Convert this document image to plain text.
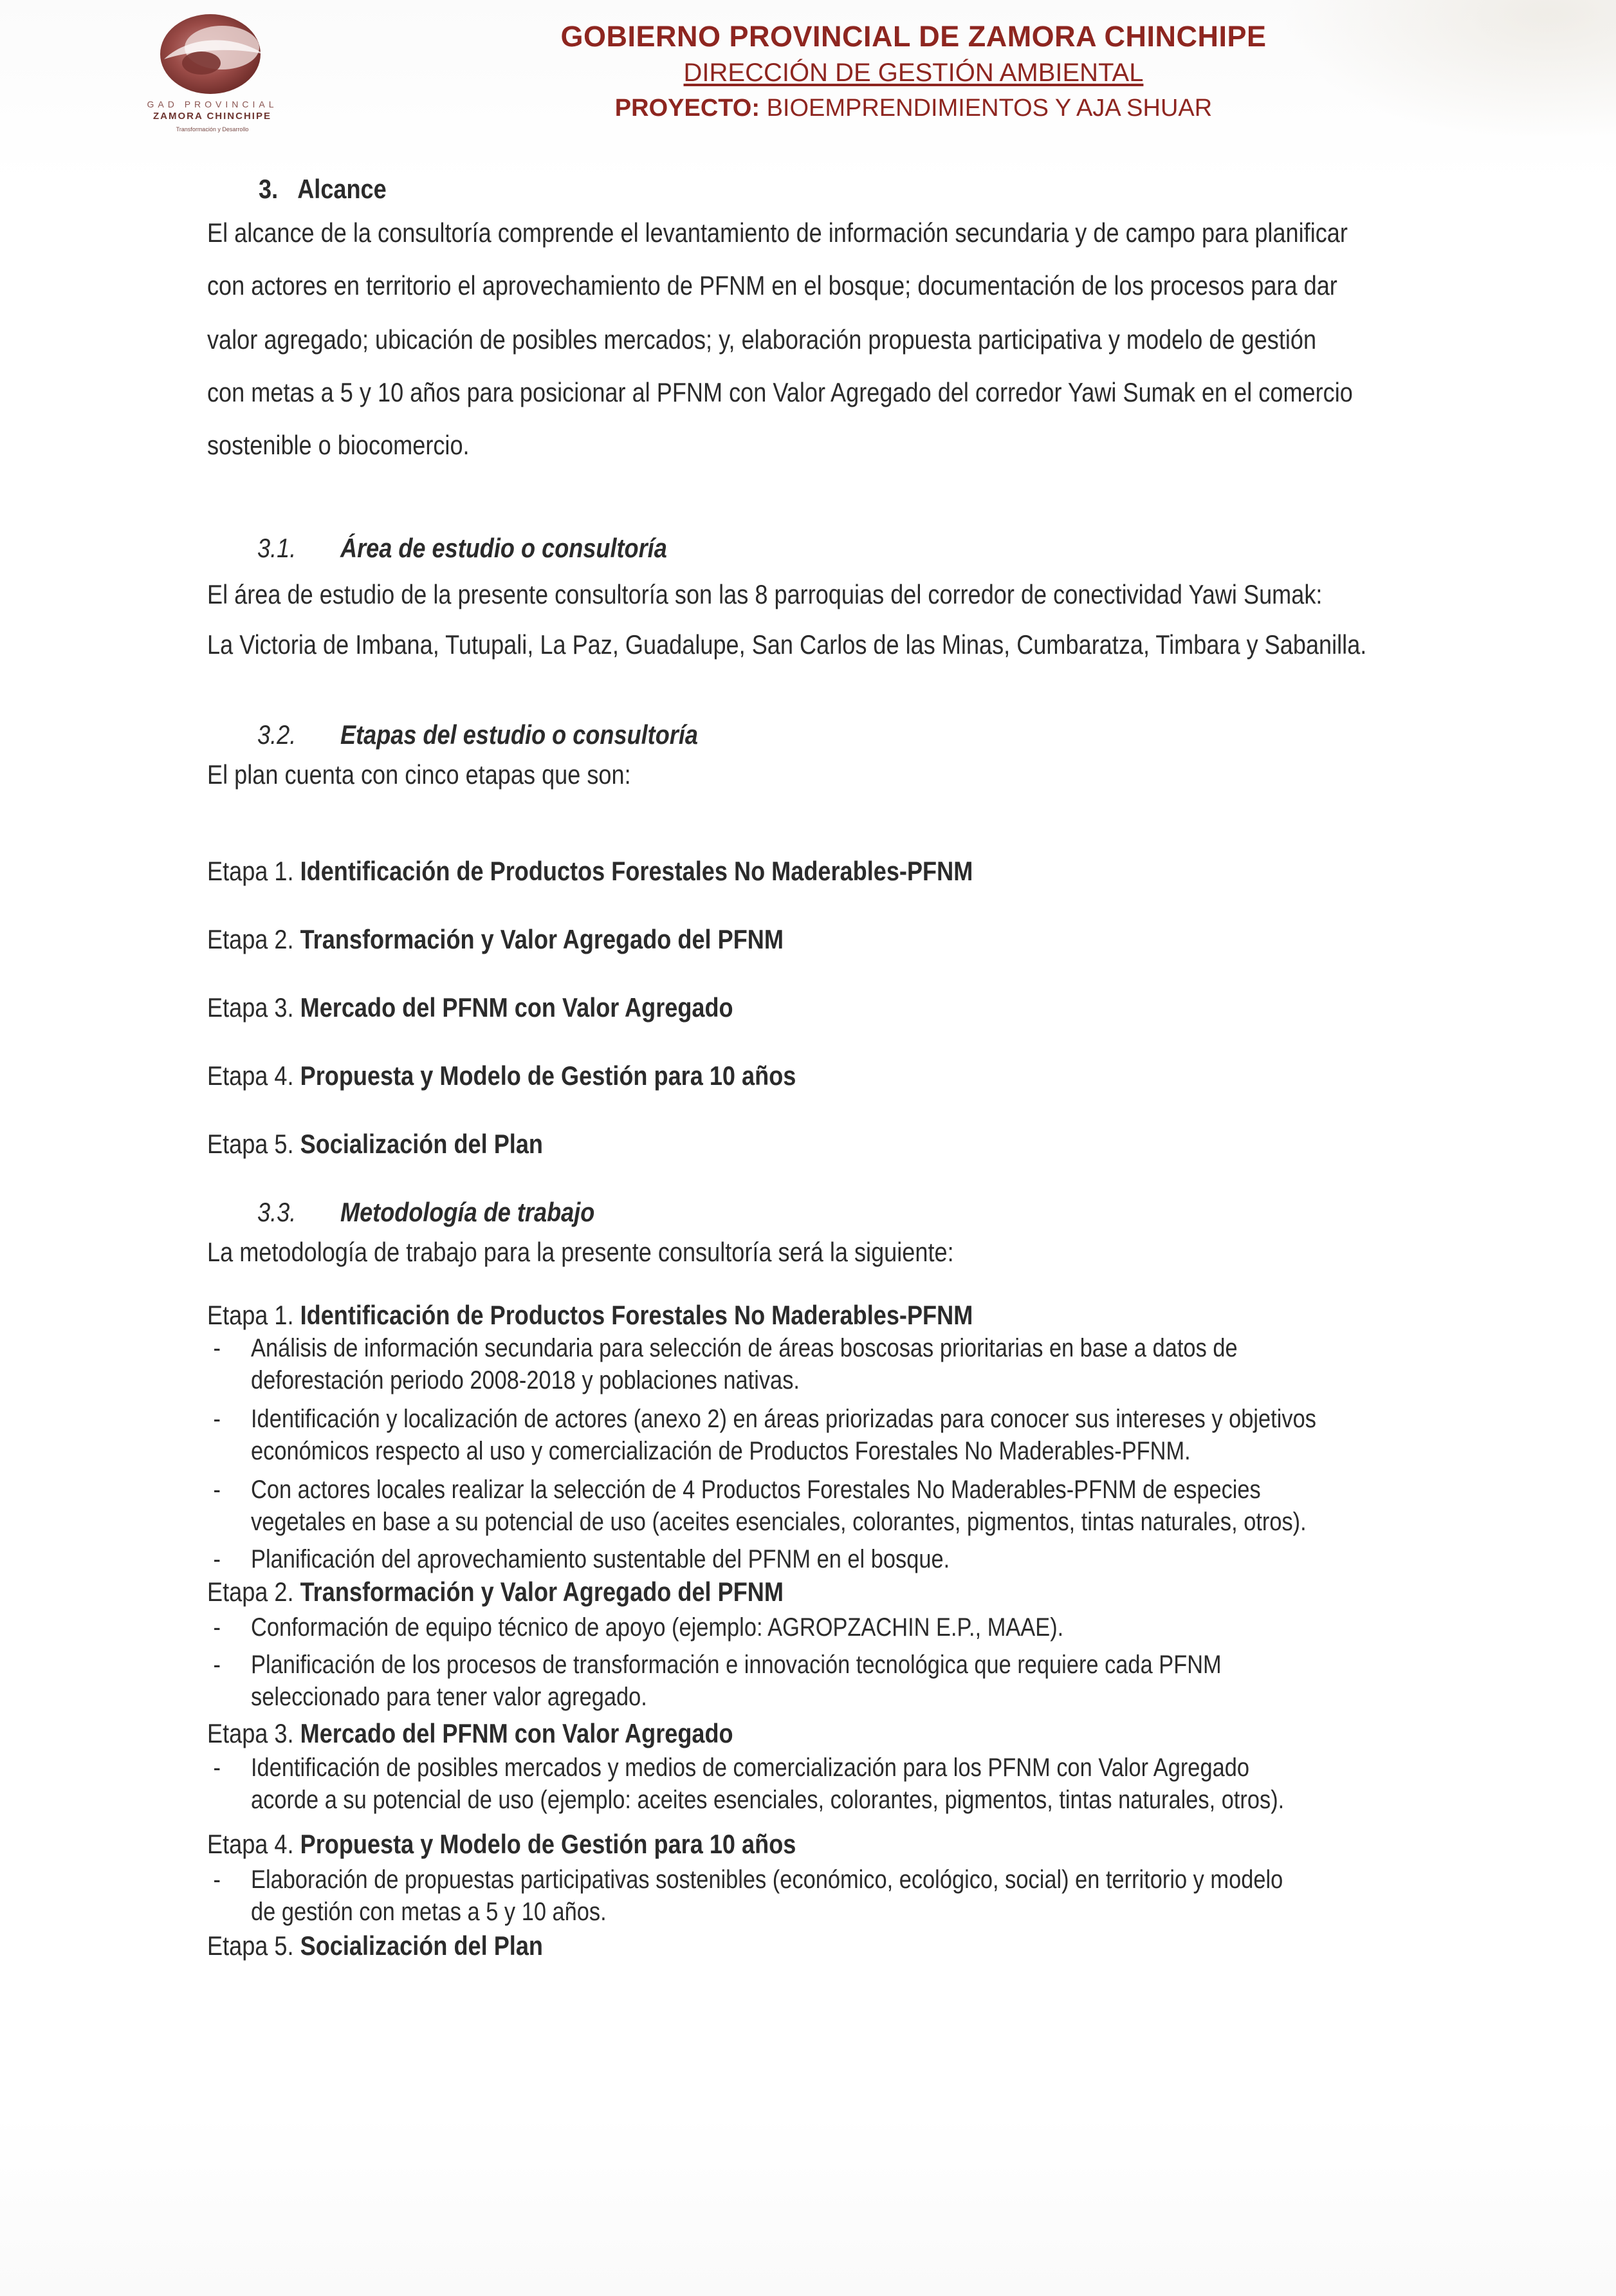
GAD PROVINCIAL
ZAMORA CHINCHIPE
Transformación y Desarrollo
GOBIERNO PROVINCIAL DE ZAMORA CHINCHIPE
DIRECCIÓN DE GESTIÓN AMBIENTAL
PROYECTO: BIOEMPRENDIMIENTOS Y AJA SHUAR
3. Alcance
El alcance de la consultoría comprende el levantamiento de información secundaria y de campo para planificar
con actores en territorio el aprovechamiento de PFNM en el bosque; documentación de los procesos para dar
valor agregado; ubicación de posibles mercados; y, elaboración propuesta participativa y modelo de gestión
con metas a 5 y 10 años para posicionar al PFNM con Valor Agregado del corredor Yawi Sumak en el comercio
sostenible o biocomercio.
3.1. Área de estudio o consultoría
El área de estudio de la presente consultoría son las 8 parroquias del corredor de conectividad Yawi Sumak:
La Victoria de Imbana, Tutupali, La Paz, Guadalupe, San Carlos de las Minas, Cumbaratza, Timbara y Sabanilla.
3.2. Etapas del estudio o consultoría
El plan cuenta con cinco etapas que son:
Etapa 1. Identificación de Productos Forestales No Maderables-PFNM
Etapa 2. Transformación y Valor Agregado del PFNM
Etapa 3. Mercado del PFNM con Valor Agregado
Etapa 4. Propuesta y Modelo de Gestión para 10 años
Etapa 5. Socialización del Plan
3.3. Metodología de trabajo
La metodología de trabajo para la presente consultoría será la siguiente:
Etapa 1. Identificación de Productos Forestales No Maderables-PFNM
- Análisis de información secundaria para selección de áreas boscosas prioritarias en base a datos de
deforestación periodo 2008-2018 y poblaciones nativas.
- Identificación y localización de actores (anexo 2) en áreas priorizadas para conocer sus intereses y objetivos
económicos respecto al uso y comercialización de Productos Forestales No Maderables-PFNM.
- Con actores locales realizar la selección de 4 Productos Forestales No Maderables-PFNM de especies
vegetales en base a su potencial de uso (aceites esenciales, colorantes, pigmentos, tintas naturales, otros).
- Planificación del aprovechamiento sustentable del PFNM en el bosque.
Etapa 2. Transformación y Valor Agregado del PFNM
- Conformación de equipo técnico de apoyo (ejemplo: AGROPZACHIN E.P., MAAE).
- Planificación de los procesos de transformación e innovación tecnológica que requiere cada PFNM
seleccionado para tener valor agregado.
Etapa 3. Mercado del PFNM con Valor Agregado
- Identificación de posibles mercados y medios de comercialización para los PFNM con Valor Agregado
acorde a su potencial de uso (ejemplo: aceites esenciales, colorantes, pigmentos, tintas naturales, otros).
Etapa 4. Propuesta y Modelo de Gestión para 10 años
- Elaboración de propuestas participativas sostenibles (económico, ecológico, social) en territorio y modelo
de gestión con metas a 5 y 10 años.
Etapa 5. Socialización del Plan
